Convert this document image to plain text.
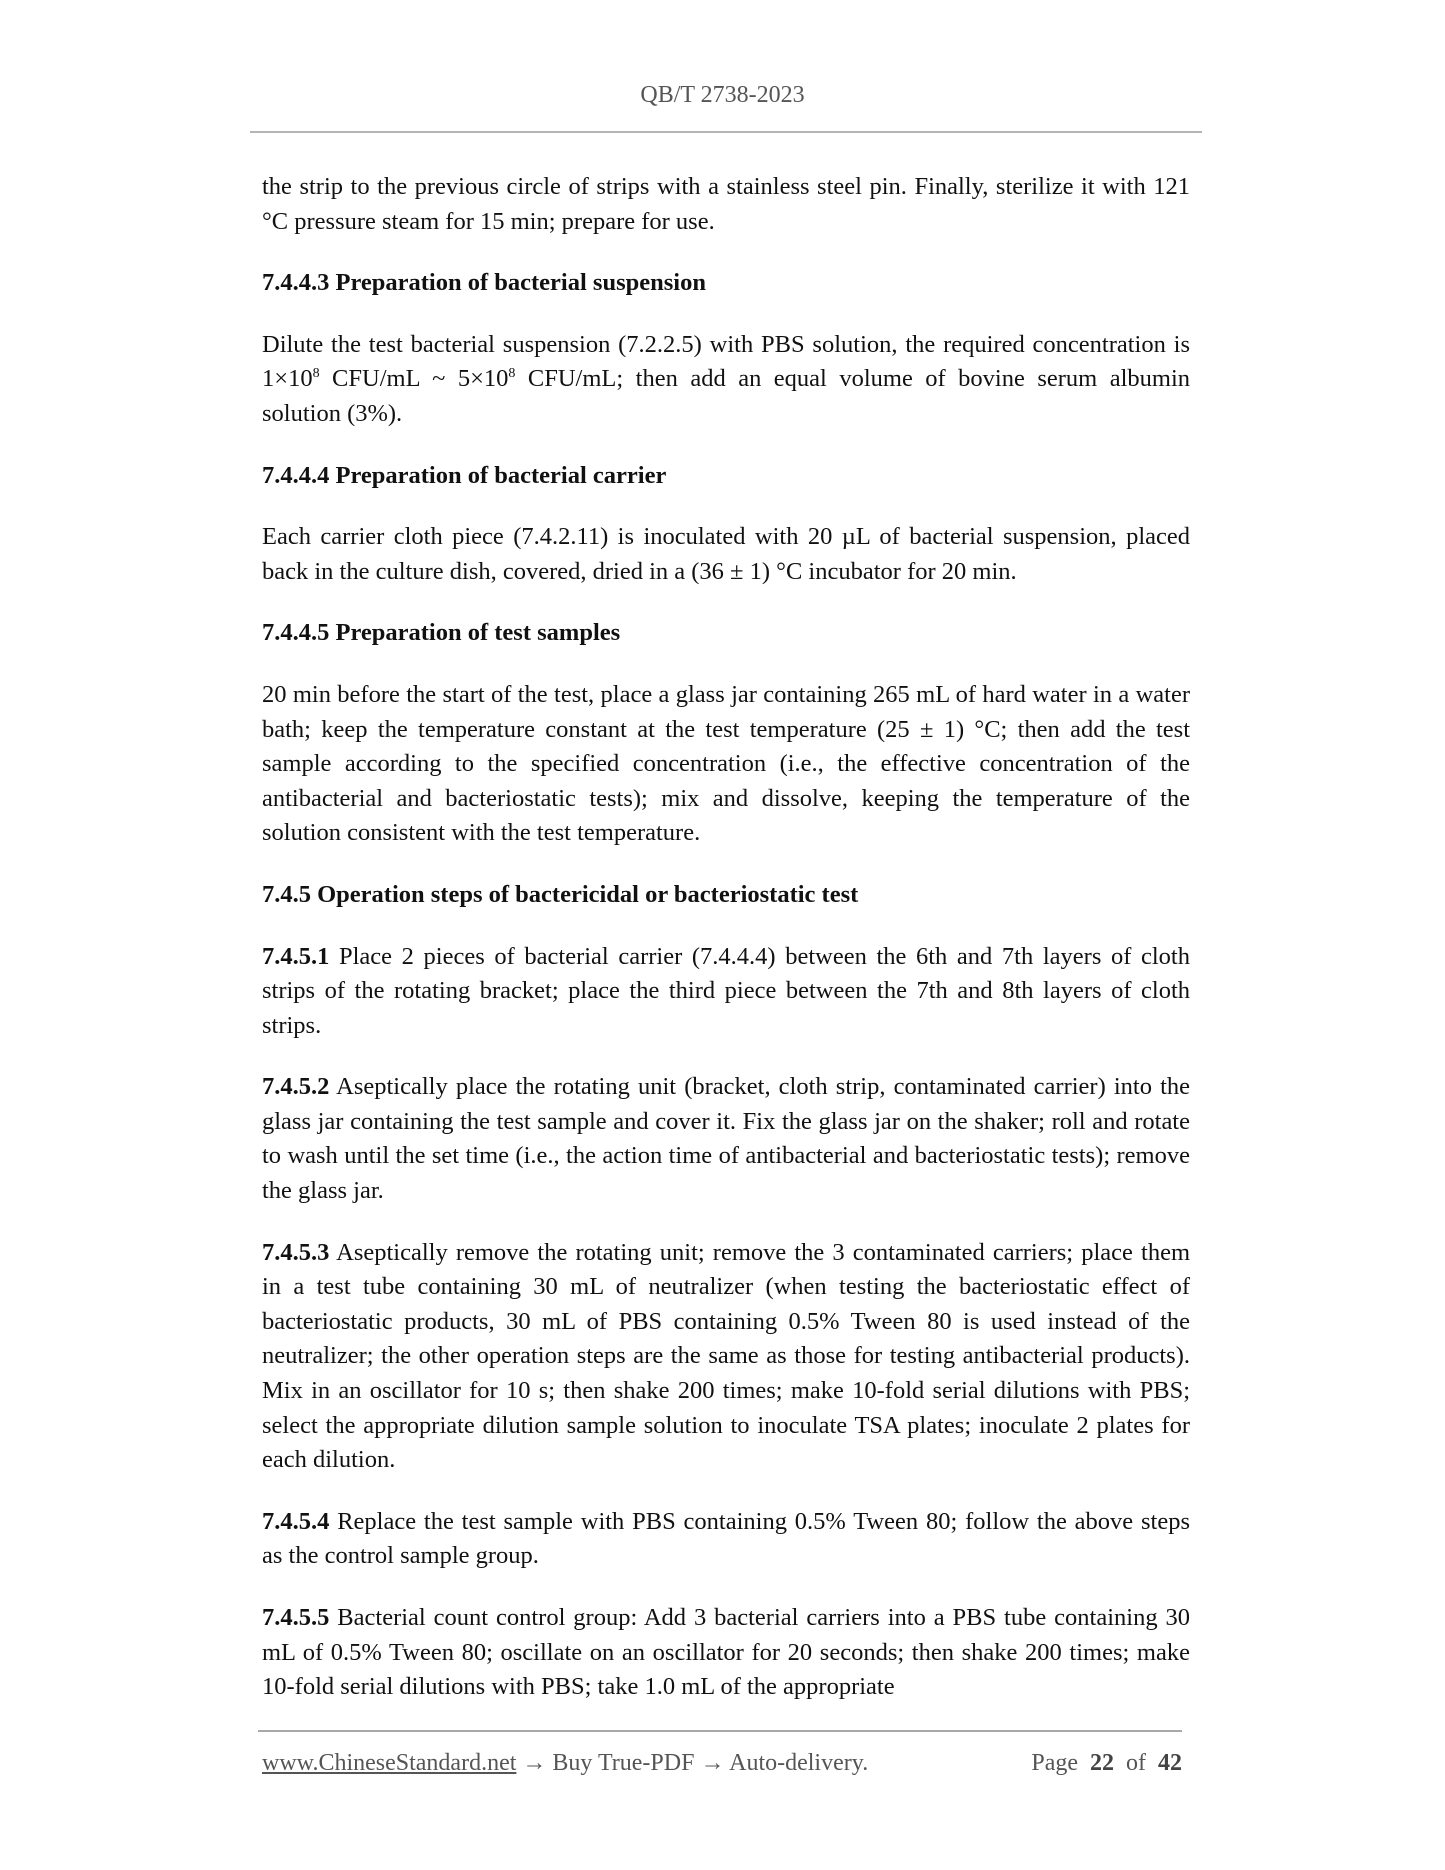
QB/T 2738-2023

the strip to the previous circle of strips with a stainless steel pin. Finally, sterilize it with 121 °C pressure steam for 15 min; prepare for use.

7.4.4.3 Preparation of bacterial suspension

Dilute the test bacterial suspension (7.2.2.5) with PBS solution, the required concentration is $1\times 10^8$ CFU/mL ~ $5\times 10^8$ CFU/mL; then add an equal volume of bovine serum albumin solution (3%).

7.4.4.4 Preparation of bacterial carrier

Each carrier cloth piece (7.4.2.11) is inoculated with 20 µL of bacterial suspension, placed back in the culture dish, covered, dried in a (36 ± 1) °C incubator for 20 min.

7.4.4.5 Preparation of test samples

20 min before the start of the test, place a glass jar containing 265 mL of hard water in a water bath; keep the temperature constant at the test temperature (25 ± 1) °C; then add the test sample according to the specified concentration (i.e., the effective concentration of the antibacterial and bacteriostatic tests); mix and dissolve, keeping the temperature of the solution consistent with the test temperature.

7.4.5 Operation steps of bactericidal or bacteriostatic test

7.4.5.1 Place 2 pieces of bacterial carrier (7.4.4.4) between the 6th and 7th layers of cloth strips of the rotating bracket; place the third piece between the 7th and 8th layers of cloth strips.

7.4.5.2 Aseptically place the rotating unit (bracket, cloth strip, contaminated carrier) into the glass jar containing the test sample and cover it. Fix the glass jar on the shaker; roll and rotate to wash until the set time (i.e., the action time of antibacterial and bacteriostatic tests); remove the glass jar.

7.4.5.3 Aseptically remove the rotating unit; remove the 3 contaminated carriers; place them in a test tube containing 30 mL of neutralizer (when testing the bacteriostatic effect of bacteriostatic products, 30 mL of PBS containing 0.5% Tween 80 is used instead of the neutralizer; the other operation steps are the same as those for testing antibacterial products). Mix in an oscillator for 10 s; then shake 200 times; make 10-fold serial dilutions with PBS; select the appropriate dilution sample solution to inoculate TSA plates; inoculate 2 plates for each dilution.

7.4.5.4 Replace the test sample with PBS containing 0.5% Tween 80; follow the above steps as the control sample group.

7.4.5.5 Bacterial count control group: Add 3 bacterial carriers into a PBS tube containing 30 mL of 0.5% Tween 80; oscillate on an oscillator for 20 seconds; then shake 200 times; make 10-fold serial dilutions with PBS; take 1.0 mL of the appropriate

www.ChineseStandard.net → Buy True-PDF → Auto-delivery.	Page 22 of 42
